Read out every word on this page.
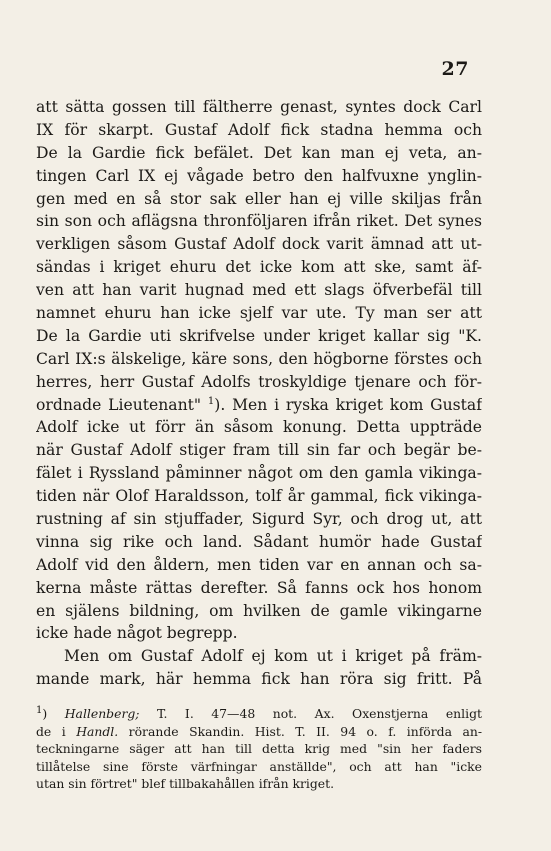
27
att sätta gossen till fältherre genast, syntes dock Carl
IX för skarpt. Gustaf Adolf fick stadna hemma och
De la Gardie fick befälet. Det kan man ej veta, an-
tingen Carl IX ej vågade betro den halfvuxne ynglin-
gen med en så stor sak eller han ej ville skiljas från
sin son och aflägsna thronföljaren ifrån riket. Det synes
verkligen såsom Gustaf Adolf dock varit ämnad att ut-
sändas i kriget ehuru det icke kom att ske, samt äf-
ven att han varit hugnad med ett slags öfverbefäl till
namnet ehuru han icke sjelf var ute. Ty man ser att
De la Gardie uti skrifvelse under kriget kallar sig "K.
Carl IX:s älskelige, käre sons, den högborne förstes och
herres, herr Gustaf Adolfs troskyldige tjenare och för-
ordnade Lieutenant" $^1$). Men i ryska kriget kom Gustaf
Adolf icke ut förr än såsom konung. Detta uppträde
när Gustaf Adolf stiger fram till sin far och begär be-
fälet i Ryssland påminner något om den gamla vikinga-
tiden när Olof Haraldsson, tolf år gammal, fick vikinga-
rustning af sin stjuffader, Sigurd Syr, och drog ut, att
vinna sig rike och land. Sådant humör hade Gustaf
Adolf vid den åldern, men tiden var en annan och sa-
kerna måste rättas derefter. Så fanns ock hos honom
en själens bildning, om hvilken de gamle vikingarne
icke hade något begrepp.
Men om Gustaf Adolf ej kom ut i kriget på främ-
mande mark, här hemma fick han röra sig fritt. På
$^1$) Hallenberg; T. I. 47—48 not. Ax. Oxenstjerna enligt
de i Handl. rörande Skandin. Hist. T. II. 94 o. f. införda an-
teckningarne säger att han till detta krig med "sin her faders
tillåtelse sine förste värfningar anställde", och att han "icke
utan sin förtret" blef tillbakahållen ifrån kriget.
